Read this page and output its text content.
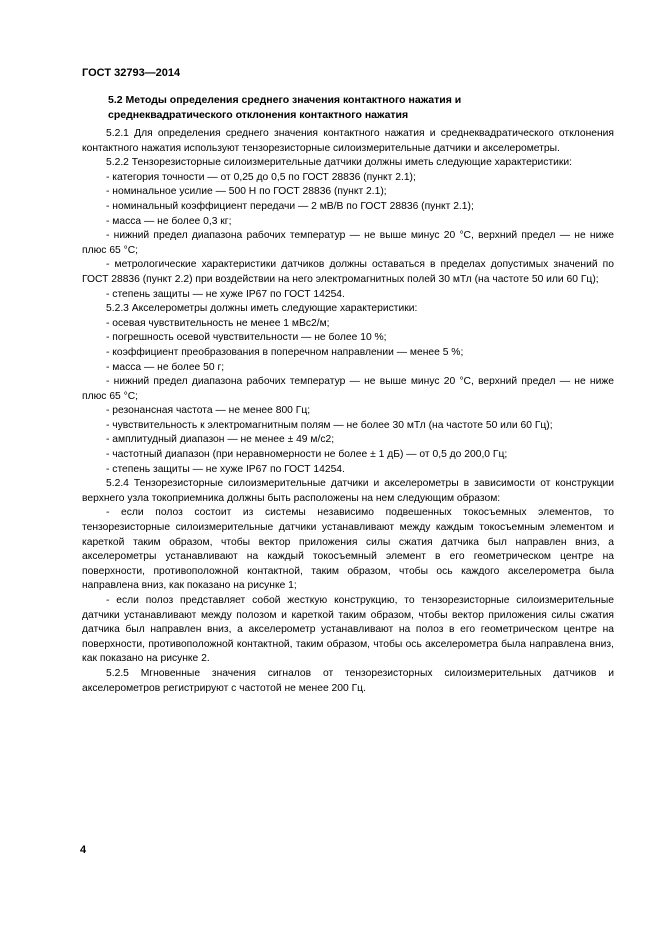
ГОСТ 32793—2014
5.2 Методы определения среднего значения контактного нажатия и среднеквадратического отклонения контактного нажатия

5.2.1 Для определения среднего значения контактного нажатия и среднеквадратического отклонения контактного нажатия используют тензорезисторные силоизмерительные датчики и акселерометры.

5.2.2 Тензорезисторные силоизмерительные датчики должны иметь следующие характеристики:

- категория точности — от 0,25 до 0,5 по ГОСТ 28836 (пункт 2.1);

- номинальное усилие — 500 Н по ГОСТ 28836 (пункт 2.1);

- номинальный коэффициент передачи — 2 мВ/В по ГОСТ 28836 (пункт 2.1);

- масса — не более 0,3 кг;

- нижний предел диапазона рабочих температур — не выше минус 20 °С, верхний предел — не ниже плюс 65 °С;

- метрологические характеристики датчиков должны оставаться в пределах допустимых значений по ГОСТ 28836 (пункт 2.2) при воздействии на него электромагнитных полей 30 мТл (на частоте 50 или 60 Гц);

- степень защиты — не хуже IP67 по ГОСТ 14254.

5.2.3 Акселерометры должны иметь следующие характеристики:

- осевая чувствительность не менее 1 мВс2/м;

- погрешность осевой чувствительности — не более 10 %;

- коэффициент преобразования в поперечном направлении — менее 5 %;

- масса — не более 50 г;

- нижний предел диапазона рабочих температур — не выше минус 20 °С, верхний предел — не ниже плюс 65 °С;

- резонансная частота — не менее 800 Гц;

- чувствительность к электромагнитным полям — не более 30 мТл (на частоте 50 или 60 Гц);

- амплитудный диапазон — не менее ± 49 м/с2;

- частотный диапазон (при неравномерности не более ± 1 дБ) — от 0,5 до 200,0 Гц;

- степень защиты — не хуже IP67 по ГОСТ 14254.

5.2.4 Тензорезисторные силоизмерительные датчики и акселерометры в зависимости от конструкции верхнего узла токоприемника должны быть расположены на нем следующим образом:

- если полоз состоит из системы независимо подвешенных токосъемных элементов, то тензорезисторные силоизмерительные датчики устанавливают между каждым токосъемным элементом и кареткой таким образом, чтобы вектор приложения силы сжатия датчика был направлен вниз, а акселерометры устанавливают на каждый токосъемный элемент в его геометрическом центре на поверхности, противоположной контактной, таким образом, чтобы ось каждого акселерометра была направлена вниз, как показано на рисунке 1;

- если полоз представляет собой жесткую конструкцию, то тензорезисторные силоизмерительные датчики устанавливают между полозом и кареткой таким образом, чтобы вектор приложения силы сжатия датчика был направлен вниз, а акселерометр устанавливают на полоз в его геометрическом центре на поверхности, противоположной контактной, таким образом, чтобы ось акселерометра была направлена вниз, как показано на рисунке 2.

5.2.5 Мгновенные значения сигналов от тензорезисторных силоизмерительных датчиков и акселерометров регистрируют с частотой не менее 200 Гц.

4
